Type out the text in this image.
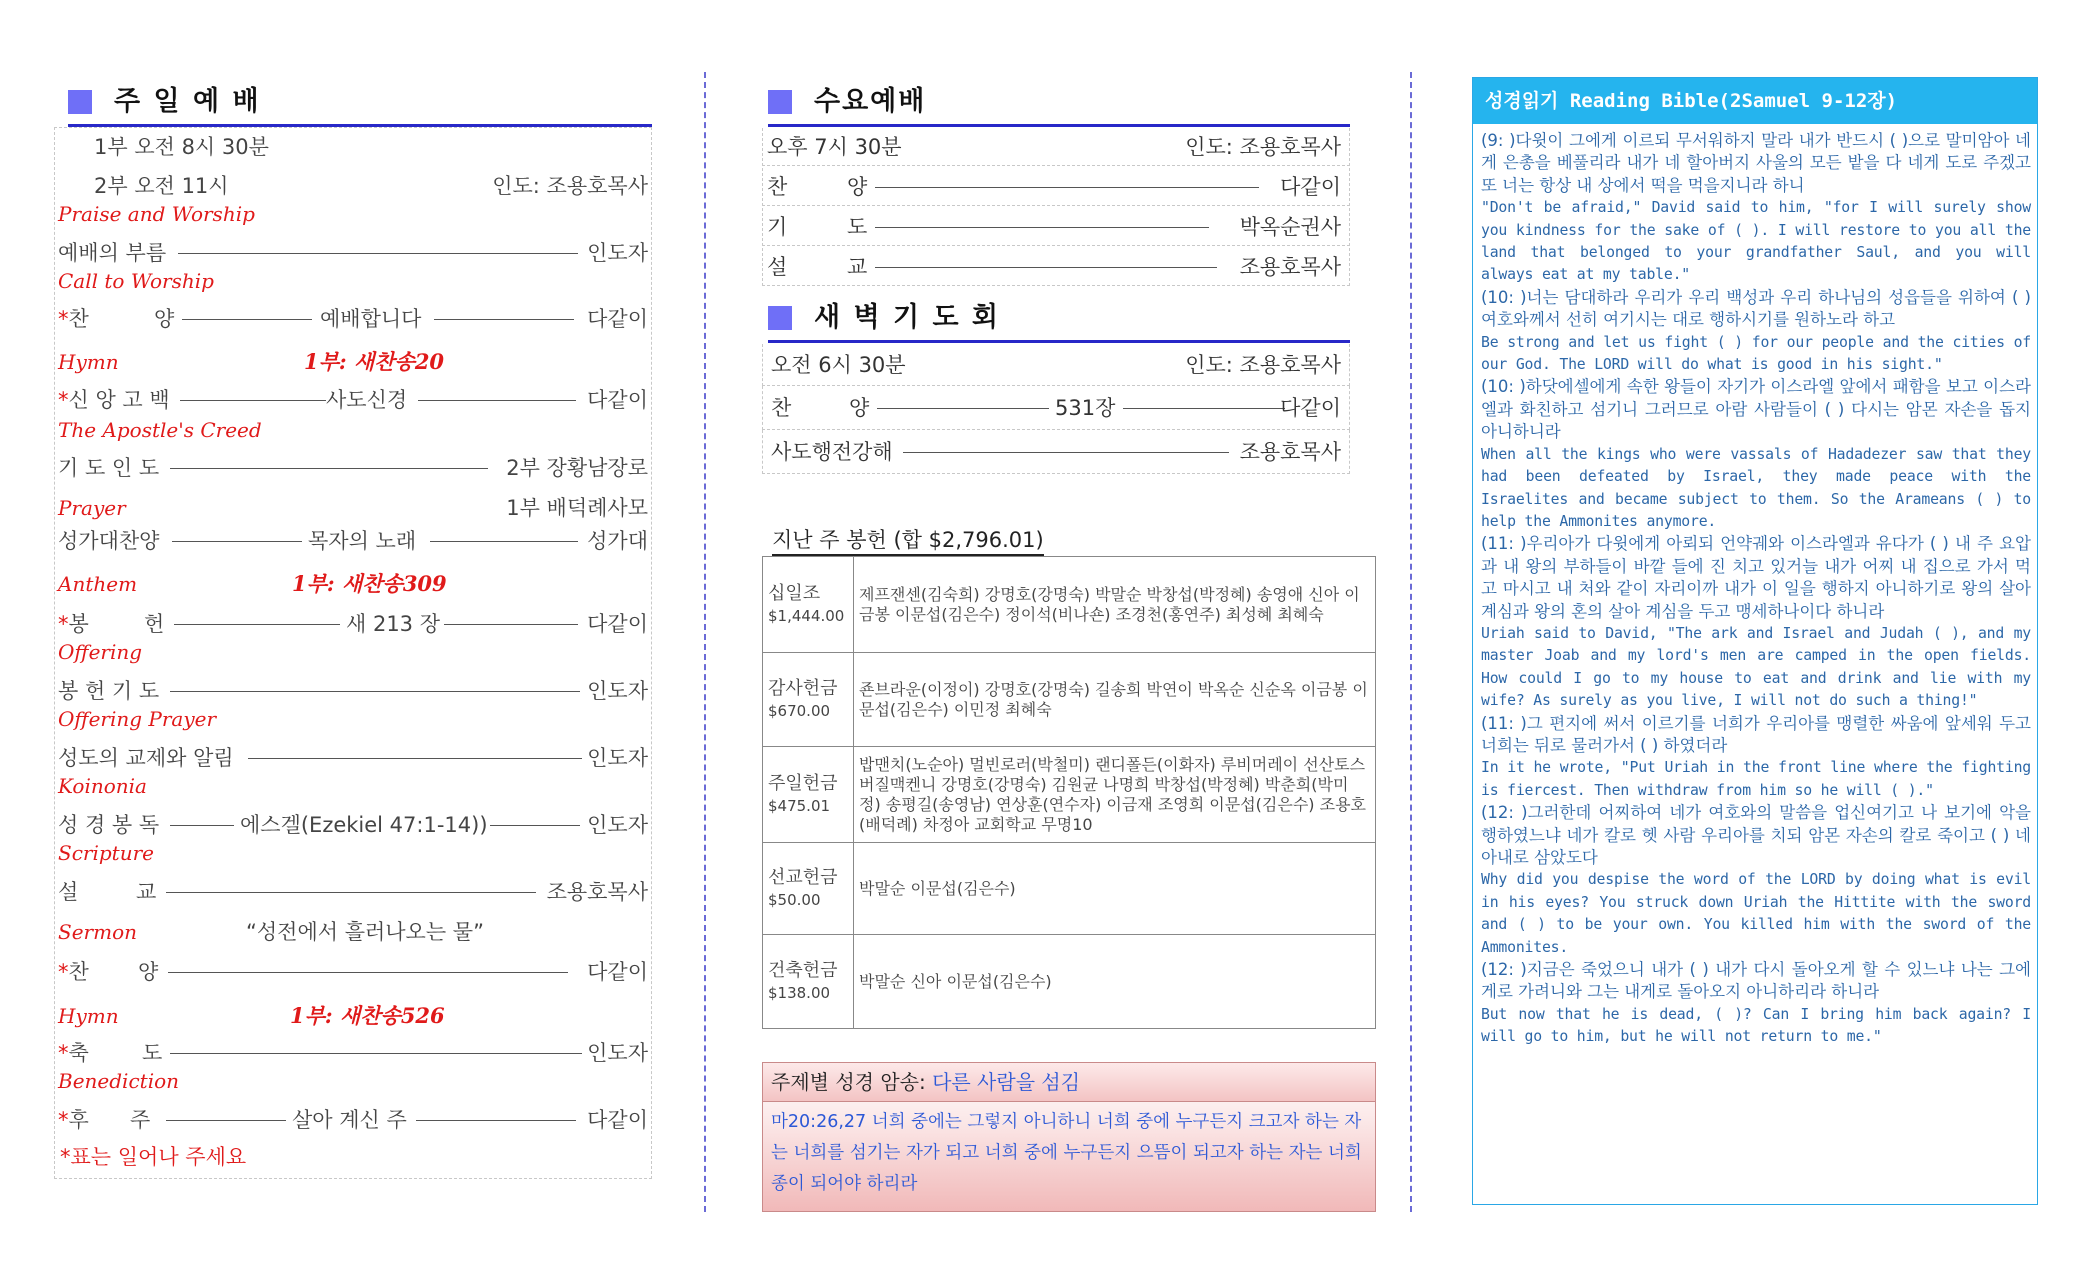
주 일 예 배
1부 오전 8시 30분
2부 오전 11시	인도: 조용호목사
Praise and Worship
예배의 부름	인도자
Call to Worship
*찬	양	예배합니다	다같이
Hymn	1부: 새찬송20
*신 앙 고 백	사도신경	다같이
The Apostle's Creed
기 도 인 도	2부 장황남장로
Prayer	1부 배덕례사모
성가대찬양	목자의 노래	성가대
Anthem	1부: 새찬송309
*봉	헌	새 213 장	다같이
Offering
봉 헌 기 도	인도자
Offering Prayer
성도의 교제와 알림	인도자
Koinonia
성 경 봉 독	에스겔(Ezekiel 47:1-14))	인도자
Scripture
설	교	조용호목사
Sermon	“성전에서 흘러나오는 물”
*찬 양	다같이
Hymn	1부: 새찬송526
*축	도	인도자
Benediction
*후 주	살아 계신 주	다같이
*표는 일어나 주세요
수요예배
오후 7시 30분	인도: 조용호목사
찬	양	다같이
기	도	박옥순권사
설	교	조용호목사
새 벽 기 도 회
오전 6시 30분	인도: 조용호목사
찬	양	531장	다같이
사도행전강해	조용호목사
지난 주 봉헌 (합 $2,796.01)
십일조
$1,444.00	제프잰센(김숙희) 강명호(강명숙) 박말순 박창섭(박정혜) 송영애 신아 이금봉 이문섭(김은수) 정이석(비나숀) 조경천(홍연주) 최성혜 최혜숙
감사헌금
$670.00	죤브라운(이정이) 강명호(강명숙) 길송희 박연이 박옥순 신순옥 이금봉 이문섭(김은수) 이민정 최혜숙
주일헌금
$475.01	밥맨치(노순아) 멀빈로러(박철미) 랜디폴든(이화자) 루비머레이 선산토스 버질맥켄니 강명호(강명숙) 김원균 나명희 박창섭(박정혜) 박춘희(박미정) 송평길(송영남) 연상훈(연수자) 이금재 조영희 이문섭(김은수) 조용호(배덕례) 차정아 교회학교 무명10
선교헌금
$50.00	박말순 이문섭(김은수)
건축헌금
$138.00	박말순 신아 이문섭(김은수)
주제별 성경 암송: 다른 사람을 섬김
마20:26,27 너희 중에는 그렇지 아니하니 너희 중에 누구든지 크고자 하는 자는 너희를 섬기는 자가 되고 너희 중에 누구든지 으뜸이 되고자 하는 자는 너희 종이 되어야 하리라
성경읽기 Reading Bible(2Samuel 9-12장)

(9: )다윗이 그에게 이르되 무서워하지 말라 내가 반드시 ( )으로 말미암아 네게 은총을 베풀리라 내가 네 할아버지 사울의 모든 밭을 다 네게 도로 주겠고 또 너는 항상 내 상에서 떡을 먹을지니라 하니

"Don't be afraid," David said to him, "for I will surely show you kindness for the sake of ( ). I will restore to you all the land that belonged to your grandfather Saul, and you will always eat at my table."

(10: )너는 담대하라 우리가 우리 백성과 우리 하나님의 성읍들을 위하여 ( ) 여호와께서 선히 여기시는 대로 행하시기를 원하노라 하고

Be strong and let us fight ( ) for our people and the cities of our God. The LORD will do what is good in his sight."

(10: )하닷에셀에게 속한 왕들이 자기가 이스라엘 앞에서 패함을 보고 이스라엘과 화친하고 섬기니 그러므로 아람 사람들이 ( ) 다시는 암몬 자손을 돕지 아니하니라

When all the kings who were vassals of Hadadezer saw that they had been defeated by Israel, they made peace with the Israelites and became subject to them. So the Arameans ( ) to help the Ammonites anymore.

(11: )우리아가 다윗에게 아뢰되 언약궤와 이스라엘과 유다가 ( ) 내 주 요압과 내 왕의 부하들이 바깥 들에 진 치고 있거늘 내가 어찌 내 집으로 가서 먹고 마시고 내 처와 같이 자리이까 내가 이 일을 행하지 아니하기로 왕의 살아 계심과 왕의 혼의 살아 계심을 두고 맹세하나이다 하니라

Uriah said to David, "The ark and Israel and Judah ( ), and my master Joab and my lord's men are camped in the open fields. How could I go to my house to eat and drink and lie with my wife? As surely as you live, I will not do such a thing!"

(11: )그 편지에 써서 이르기를 너희가 우리아를 맹렬한 싸움에 앞세워 두고 너희는 뒤로 물러가서 ( ) 하였더라

In it he wrote, "Put Uriah in the front line where the fighting is fiercest. Then withdraw from him so he will ( )."

(12: )그러한데 어찌하여 네가 여호와의 말씀을 업신여기고 나 보기에 악을 행하였느냐 네가 칼로 헷 사람 우리아를 치되 암몬 자손의 칼로 죽이고 ( ) 네 아내로 삼았도다

Why did you despise the word of the LORD by doing what is evil in his eyes? You struck down Uriah the Hittite with the sword and ( ) to be your own. You killed him with the sword of the Ammonites.

(12: )지금은 죽었으니 내가 ( ) 내가 다시 돌아오게 할 수 있느냐 나는 그에게로 가려니와 그는 내게로 돌아오지 아니하리라 하니라

But now that he is dead, ( )? Can I bring him back again? I will go to him, but he will not return to me."
